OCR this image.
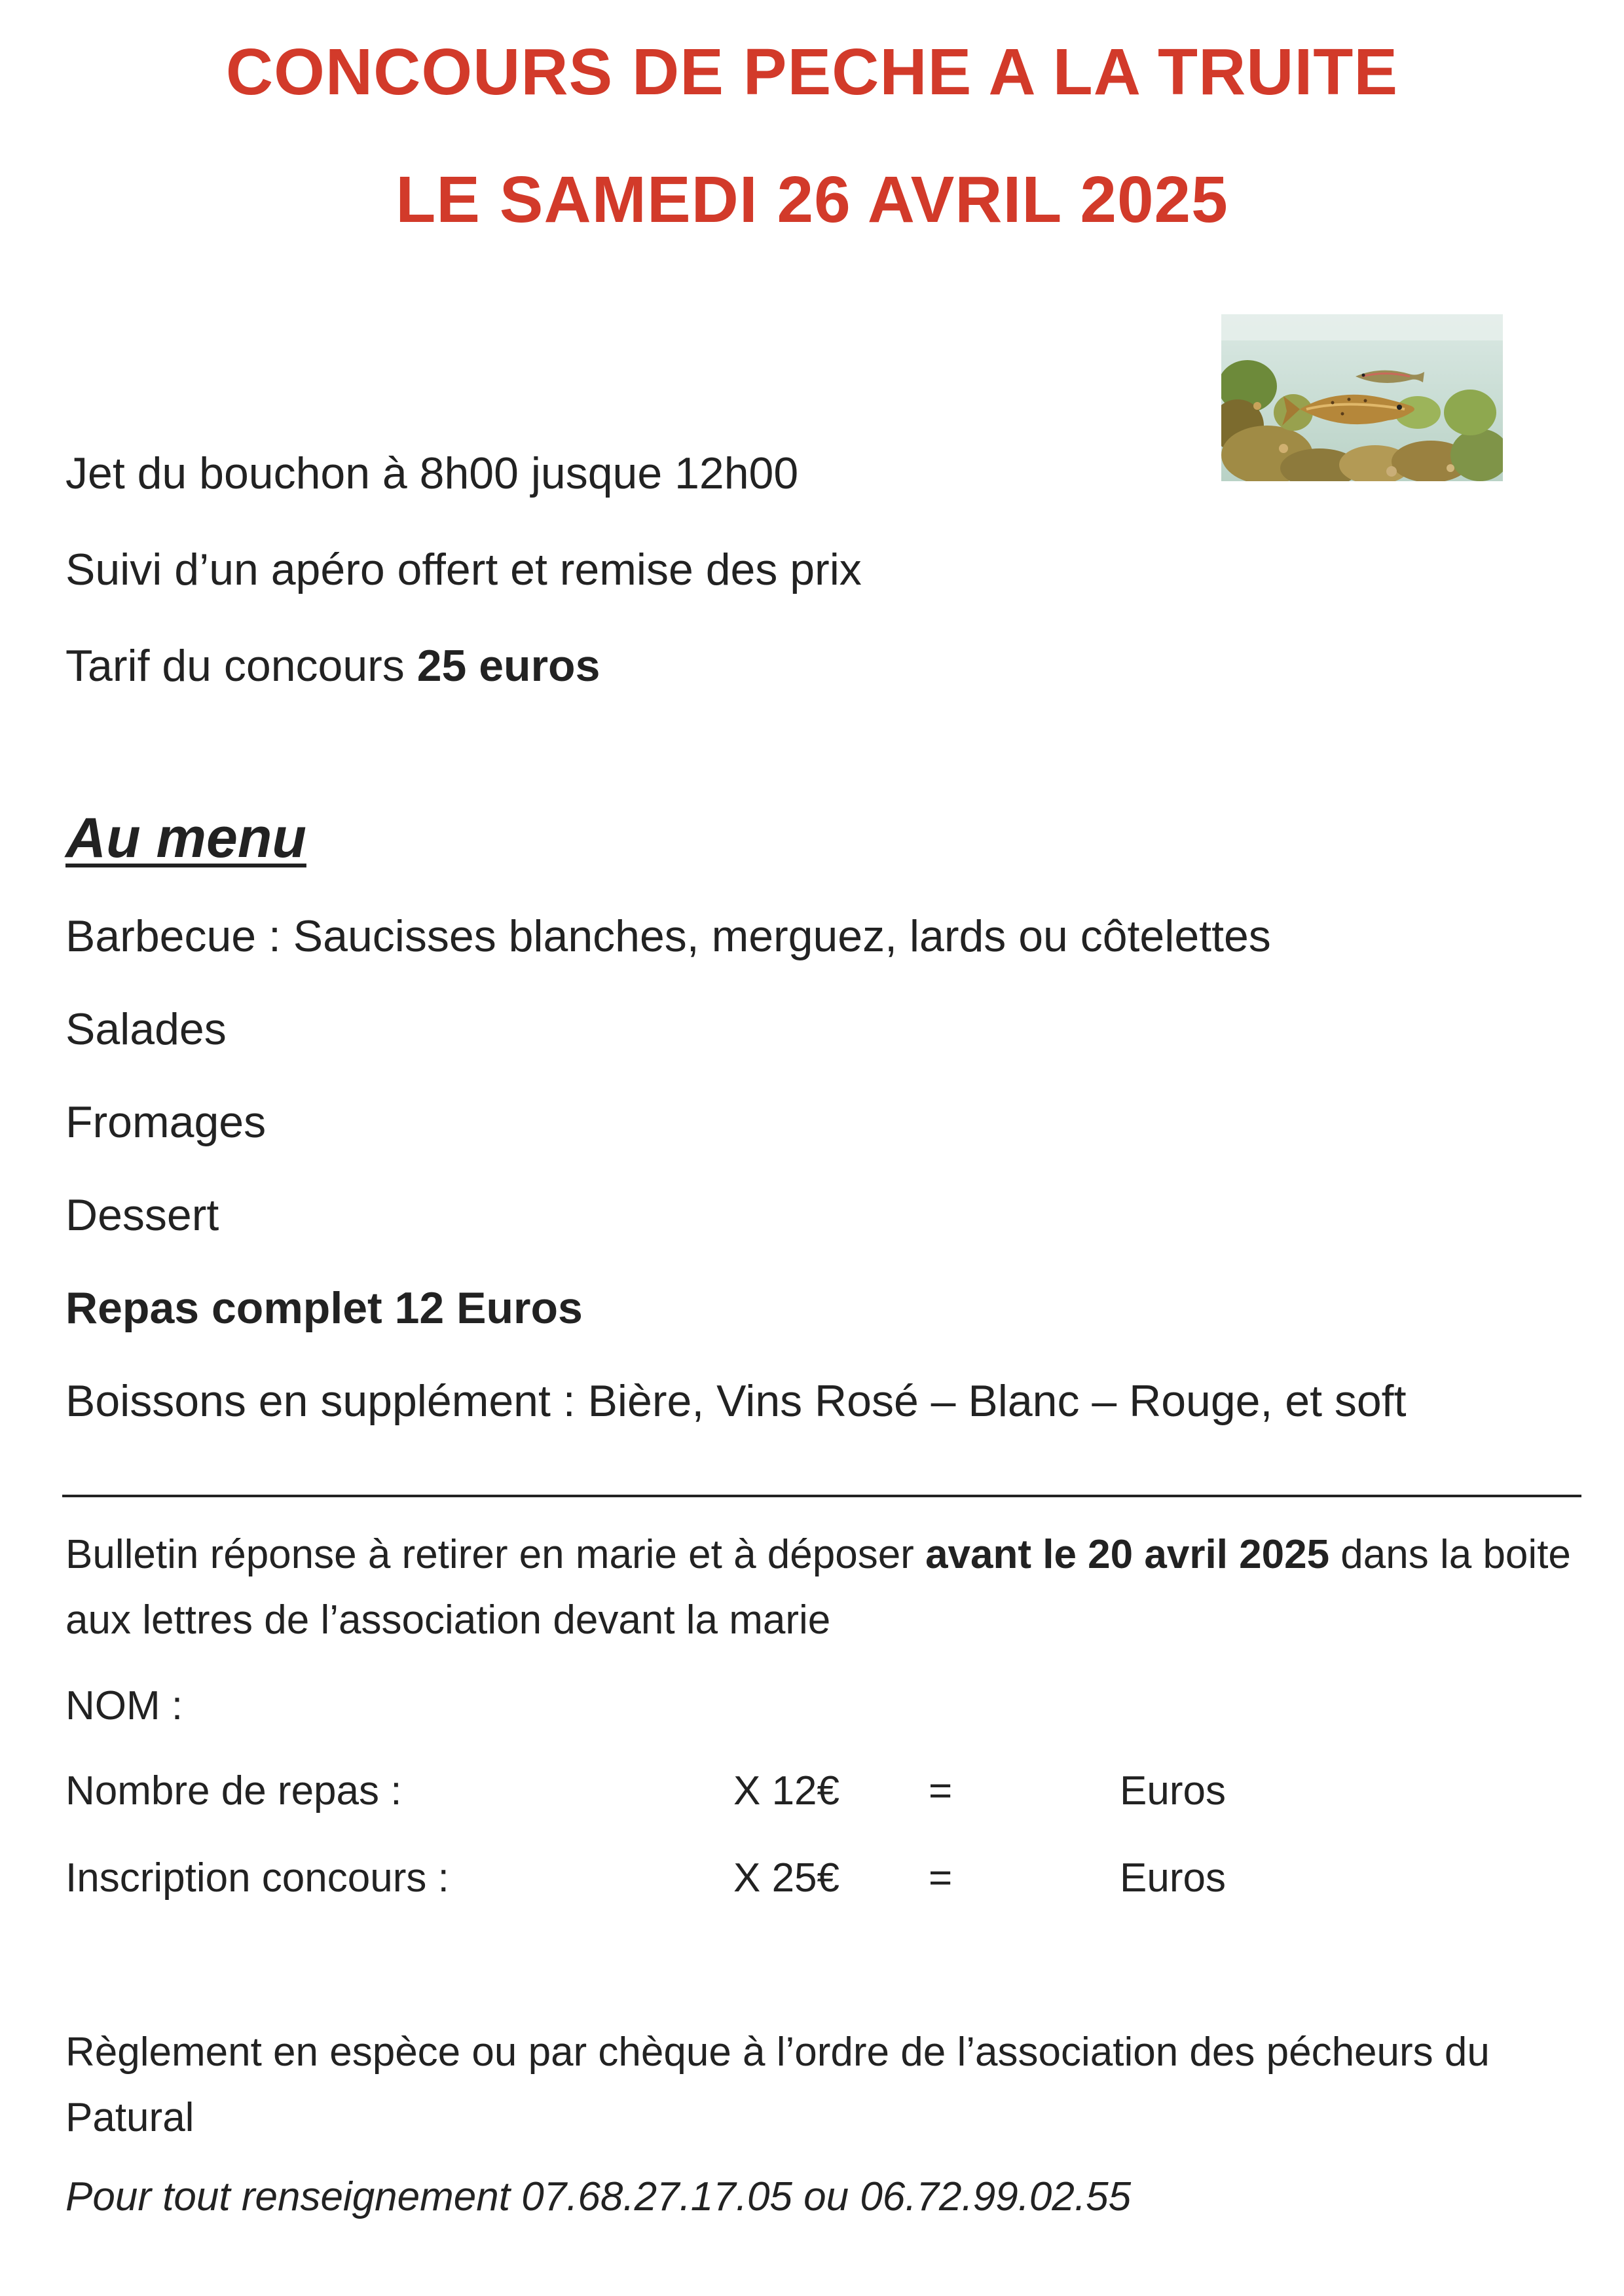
CONCOURS DE PECHE A LA TRUITE
LE SAMEDI 26 AVRIL 2025
Jet du bouchon à 8h00 jusque 12h00
Suivi d’un apéro offert et remise des prix
Tarif du concours 25 euros
Au menu
Barbecue : Saucisses blanches, merguez, lards ou côtelettes
Salades
Fromages
Dessert
Repas complet 12 Euros
Boissons en supplément : Bière, Vins Rosé – Blanc – Rouge, et soft
Bulletin réponse à retirer en marie et à déposer avant le 20 avril 2025 dans la boite aux lettres de l’association devant la marie
NOM :
Nombre de repas :	X 12€ =	Euros
Inscription concours :	X 25€ =	Euros
Règlement en espèce ou par chèque à l’ordre de l’association des pécheurs du Patural
Pour tout renseignement 07.68.27.17.05 ou 06.72.99.02.55
